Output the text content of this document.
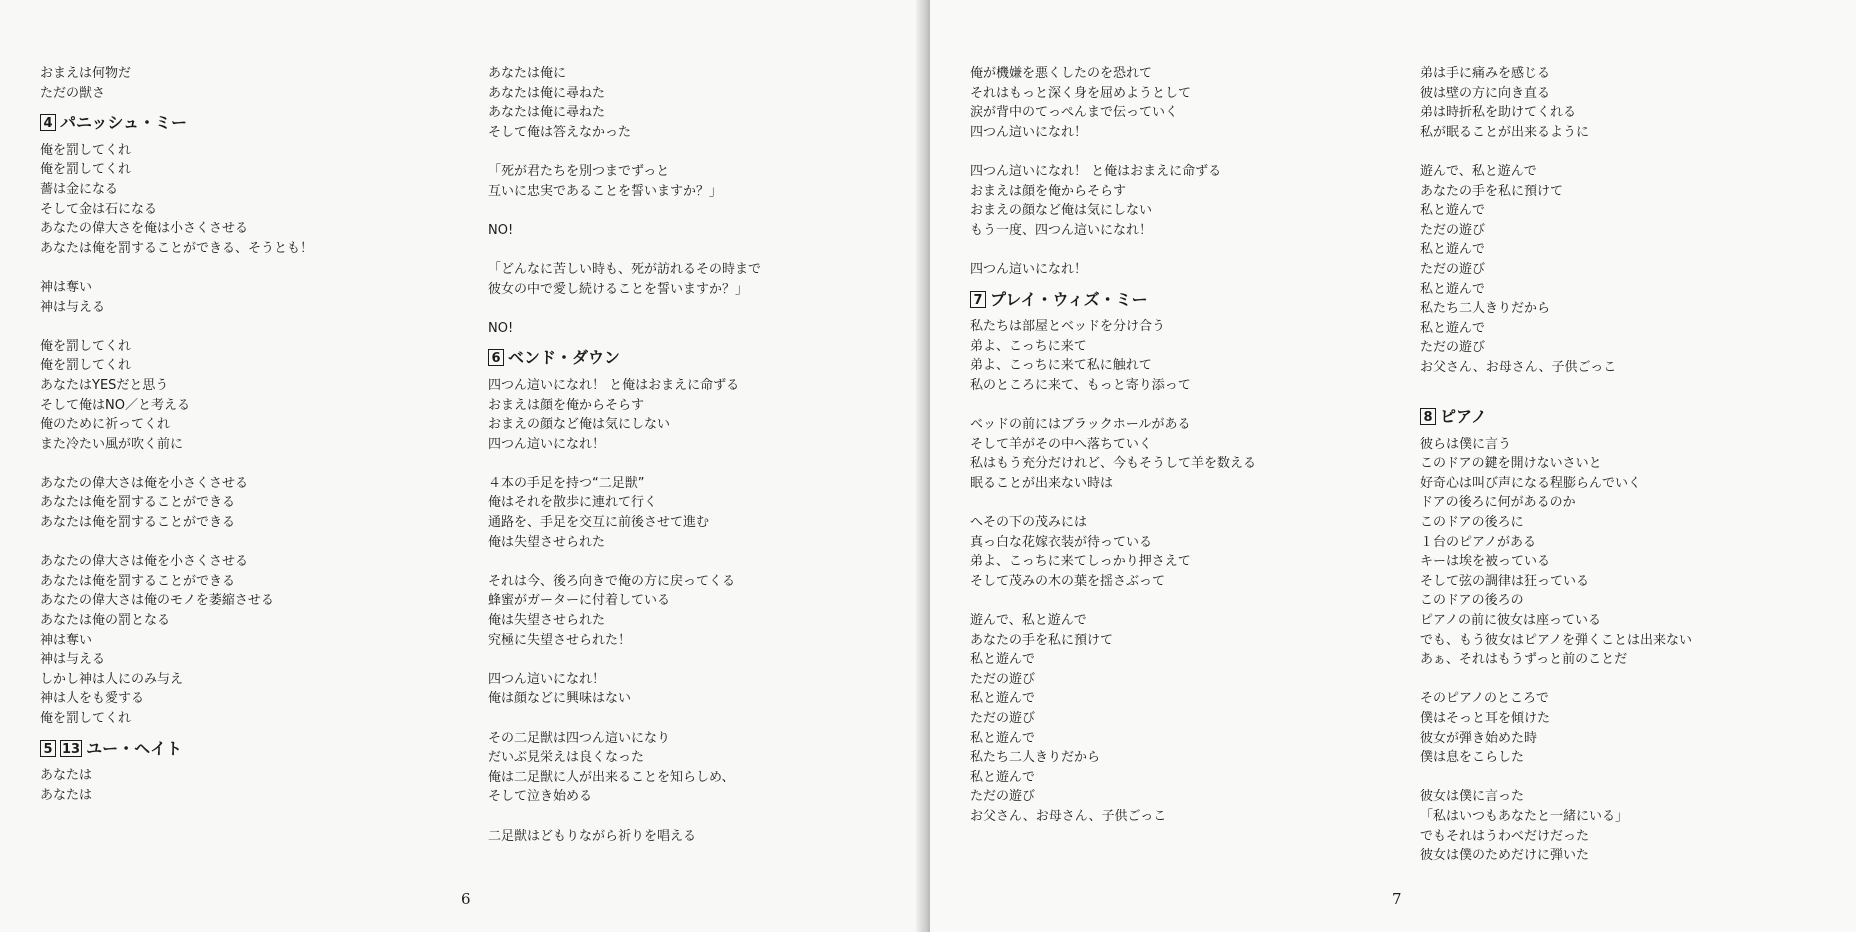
おまえは何物だ
ただの獣さ
4 パニッシュ・ミー
俺を罰してくれ
俺を罰してくれ
薔は金になる
そして金は石になる
あなたの偉大さを俺は小さくさせる
あなたは俺を罰することができる、そうとも！
神は奪い
神は与える
俺を罰してくれ
俺を罰してくれ
あなたはYESだと思う
そして俺はNO／と考える
俺のために祈ってくれ
また冷たい風が吹く前に
あなたの偉大さは俺を小さくさせる
あなたは俺を罰することができる
あなたは俺を罰することができる
あなたの偉大さは俺を小さくさせる
あなたは俺を罰することができる
あなたの偉大さは俺のモノを萎縮させる
あなたは俺の罰となる
神は奪い
神は与える
しかし神は人にのみ与え
神は人をも愛する
俺を罰してくれ
5 13 ユー・ヘイト
あなたは
あなたは
あなたは俺に
あなたは俺に尋ねた
あなたは俺に尋ねた
そして俺は答えなかった
「死が君たちを別つまでずっと
互いに忠実であることを誓いますか？」
NO!
「どんなに苦しい時も、死が訪れるその時まで
彼女の中で愛し続けることを誓いますか？」
NO!
6 ベンド・ダウン
四つん這いになれ！ と俺はおまえに命ずる
おまえは顔を俺からそらす
おまえの顔など俺は気にしない
四つん這いになれ！
４本の手足を持つ“二足獣”
俺はそれを散歩に連れて行く
通路を、手足を交互に前後させて進む
俺は失望させられた
それは今、後ろ向きで俺の方に戻ってくる
蜂蜜がガーターに付着している
俺は失望させられた
究極に失望させられた！
四つん這いになれ！
俺は顔などに興味はない
その二足獣は四つん這いになり
だいぶ見栄えは良くなった
俺は二足獣に人が出来ることを知らしめ、
そして泣き始める
二足獣はどもりながら祈りを唱える
6
俺が機嫌を悪くしたのを恐れて
それはもっと深く身を屈めようとして
涙が背中のてっぺんまで伝っていく
四つん這いになれ！
四つん這いになれ！ と俺はおまえに命ずる
おまえは顔を俺からそらす
おまえの顔など俺は気にしない
もう一度、四つん這いになれ！
四つん這いになれ！
7 プレイ・ウィズ・ミー
私たちは部屋とベッドを分け合う
弟よ、こっちに来て
弟よ、こっちに来て私に触れて
私のところに来て、もっと寄り添って
ベッドの前にはブラックホールがある
そして羊がその中へ落ちていく
私はもう充分だけれど、今もそうして羊を数える
眠ることが出来ない時は
へその下の茂みには
真っ白な花嫁衣装が待っている
弟よ、こっちに来てしっかり押さえて
そして茂みの木の葉を揺さぶって
遊んで、私と遊んで
あなたの手を私に預けて
私と遊んで
ただの遊び
私と遊んで
ただの遊び
私と遊んで
私たち二人きりだから
私と遊んで
ただの遊び
お父さん、お母さん、子供ごっこ
弟は手に痛みを感じる
彼は壁の方に向き直る
弟は時折私を助けてくれる
私が眠ることが出来るように
遊んで、私と遊んで
あなたの手を私に預けて
私と遊んで
ただの遊び
私と遊んで
ただの遊び
私と遊んで
私たち二人きりだから
私と遊んで
ただの遊び
お父さん、お母さん、子供ごっこ
8 ピアノ
彼らは僕に言う
このドアの鍵を開けないさいと
好奇心は叫び声になる程膨らんでいく
ドアの後ろに何があるのか
このドアの後ろに
１台のピアノがある
キーは埃を被っている
そして弦の調律は狂っている
このドアの後ろの
ピアノの前に彼女は座っている
でも、もう彼女はピアノを弾くことは出来ない
あぁ、それはもうずっと前のことだ
そのピアノのところで
僕はそっと耳を傾けた
彼女が弾き始めた時
僕は息をこらした
彼女は僕に言った
「私はいつもあなたと一緒にいる」
でもそれはうわべだけだった
彼女は僕のためだけに弾いた
7
